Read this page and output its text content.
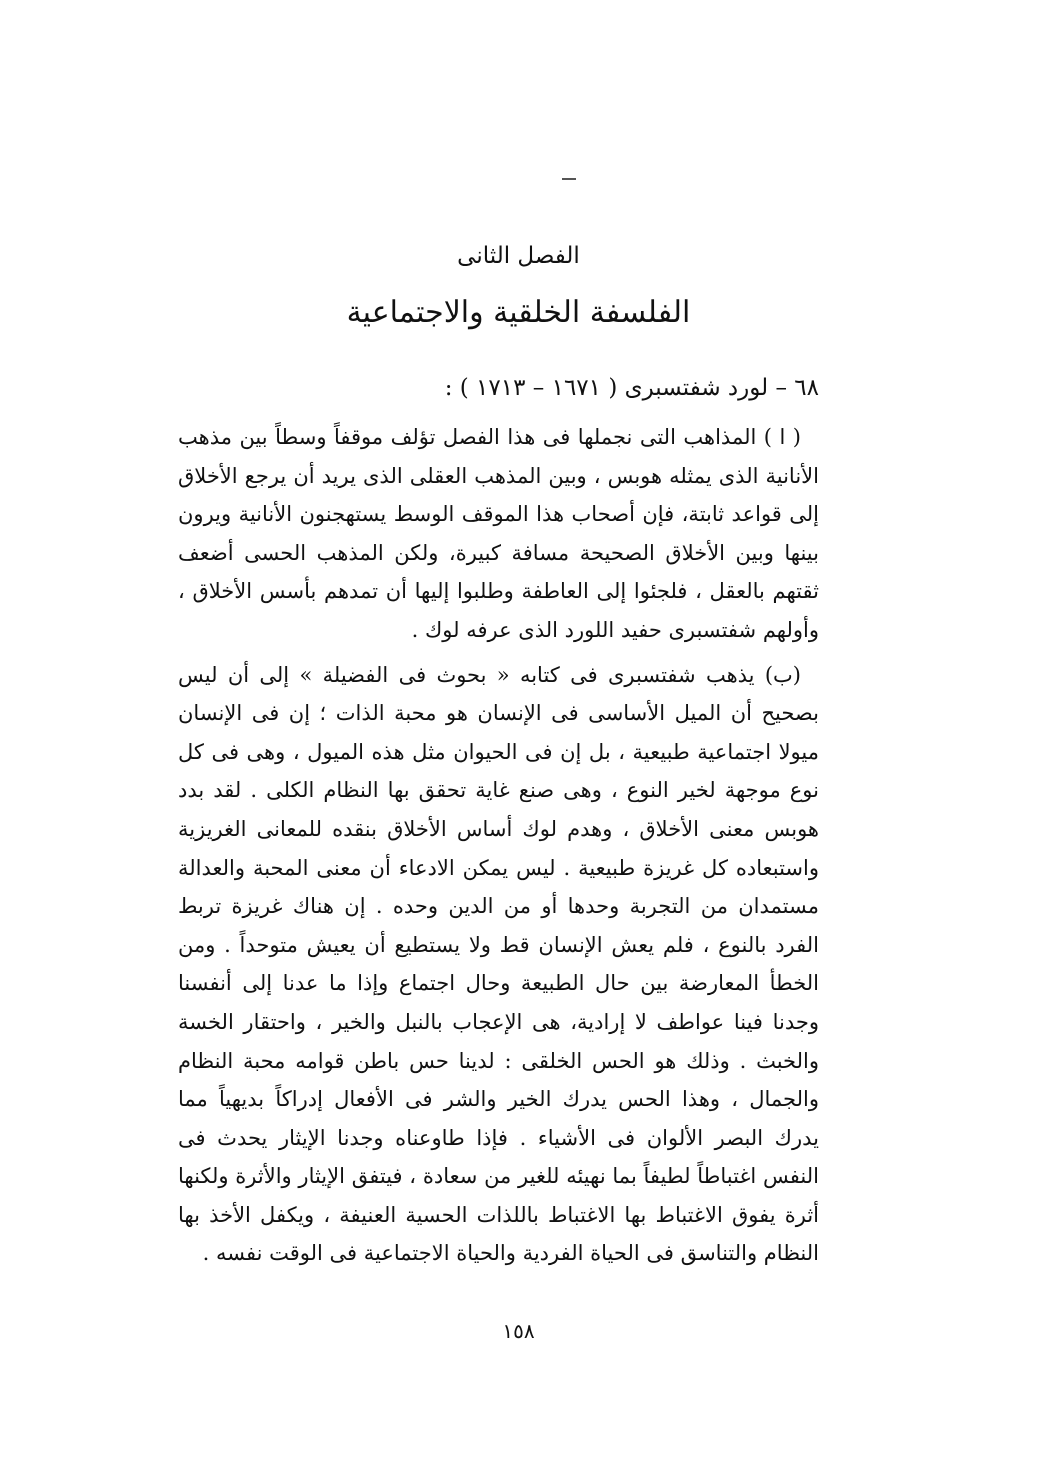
الفصل الثانى
الفلسفة الخلقية والاجتماعية
٦٨ – لورد شفتسبرى ( ١٦٧١ – ١٧١٣ ) :

( ا ) المذاهب التى نجملها فى هذا الفصل تؤلف موقفاً وسطاً بين مذهب الأنانية الذى يمثله هوبس ، وبين المذهب العقلى الذى يريد أن يرجع الأخلاق إلى قواعد ثابتة، فإن أصحاب هذا الموقف الوسط يستهجنون الأنانية ويرون بينها وبين الأخلاق الصحيحة مسافة كبيرة، ولكن المذهب الحسى أضعف ثقتهم بالعقل ، فلجئوا إلى العاطفة وطلبوا إليها أن تمدهم بأسس الأخلاق ، وأولهم شفتسبرى حفيد اللورد الذى عرفه لوك .

(ب) يذهب شفتسبرى فى كتابه « بحوث فى الفضيلة » إلى أن ليس بصحيح أن الميل الأساسى فى الإنسان هو محبة الذات ؛ إن فى الإنسان ميولا اجتماعية طبيعية ، بل إن فى الحيوان مثل هذه الميول ، وهى فى كل نوع موجهة لخير النوع ، وهى صنع غاية تحقق بها النظام الكلى . لقد بدد هوبس معنى الأخلاق ، وهدم لوك أساس الأخلاق بنقده للمعانى الغريزية واستبعاده كل غريزة طبيعية . ليس يمكن الادعاء أن معنى المحبة والعدالة مستمدان من التجربة وحدها أو من الدين وحده . إن هناك غريزة تربط الفرد بالنوع ، فلم يعش الإنسان قط ولا يستطيع أن يعيش متوحداً . ومن الخطأ المعارضة بين حال الطبيعة وحال اجتماع وإذا ما عدنا إلى أنفسنا وجدنا فينا عواطف لا إرادية، هى الإعجاب بالنبل والخير ، واحتقار الخسة والخبث . وذلك هو الحس الخلقى : لدينا حس باطن قوامه محبة النظام والجمال ، وهذا الحس يدرك الخير والشر فى الأفعال إدراكاً بديهياً مما يدرك البصر الألوان فى الأشياء . فإذا طاوعناه وجدنا الإيثار يحدث فى النفس اغتباطاً لطيفاً بما نهيئه للغير من سعادة ، فيتفق الإيثار والأثرة ولكنها أثرة يفوق الاغتباط بها الاغتباط باللذات الحسية العنيفة ، ويكفل الأخذ بها النظام والتناسق فى الحياة الفردية والحياة الاجتماعية فى الوقت نفسه .

١٥٨
